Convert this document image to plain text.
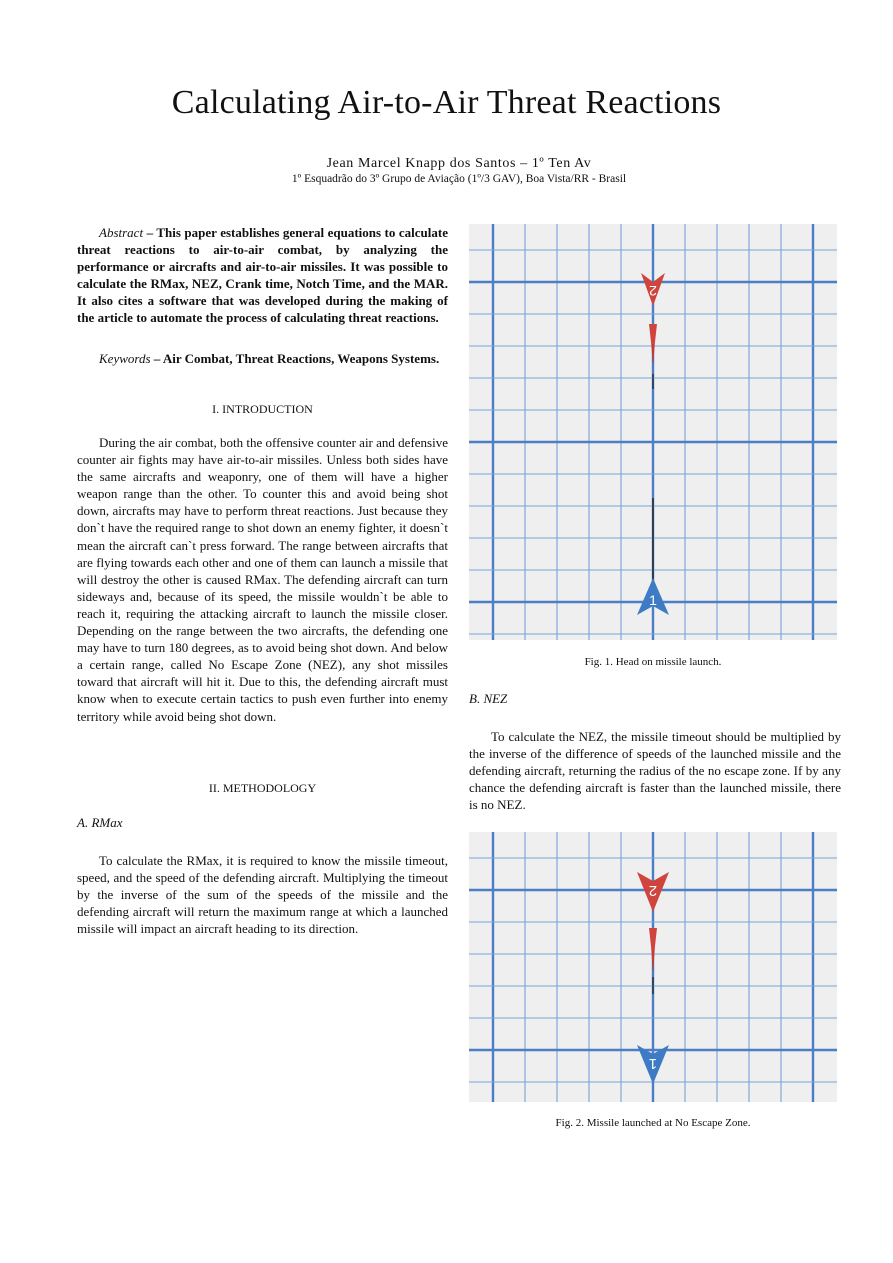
Calculating Air-to-Air Threat Reactions
Jean Marcel Knapp dos Santos – 1º Ten Av
1º Esquadrão do 3º Grupo de Aviação (1º/3 GAV), Boa Vista/RR - Brasil

Abstract – This paper establishes general equations to calculate threat reactions to air-to-air combat, by analyzing the performance or aircrafts and air-to-air missiles. It was possible to calculate the RMax, NEZ, Crank time, Notch Time, and the MAR. It also cites a software that was developed during the making of the article to automate the process of calculating threat reactions.

Keywords – Air Combat, Threat Reactions, Weapons Systems.

I. INTRODUCTION

During the air combat, both the offensive counter air and defensive counter air fights may have air-to-air missiles. Unless both sides have the same aircrafts and weaponry, one of them will have a higher weapon range than the other. To counter this and avoid being shot down, aircrafts may have to perform threat reactions. Just because they don`t have the required range to shot down an enemy fighter, it doesn`t mean the aircraft can`t press forward. The range between aircrafts that are flying towards each other and one of them can launch a missile that will destroy the other is caused RMax. The defending aircraft can turn sideways and, because of its speed, the missile wouldn`t be able to reach it, requiring the attacking aircraft to launch the missile closer. Depending on the range between the two aircrafts, the defending one may have to turn 180 degrees, as to avoid being shot down. And below a certain range, called No Escape Zone (NEZ), any shot missiles toward that aircraft will hit it. Due to this, the defending aircraft must know when to execute certain tactics to push even further into enemy territory while avoid being shot down.

II. METHODOLOGY
A. RMax

To calculate the RMax, it is required to know the missile timeout, speed, and the speed of the defending aircraft. Multiplying the timeout by the inverse of the sum of the speeds of the missile and the defending aircraft will return the maximum range at which a launched missile will impact an aircraft heading to its direction.

2
1
Fig. 1. Head on missile launch.
B. NEZ

To calculate the NEZ, the missile timeout should be multiplied by the inverse of the difference of speeds of the launched missile and the defending aircraft, returning the radius of the no escape zone. If by any chance the defending aircraft is faster than the launched missile, there is no NEZ.

2
1
Fig. 2. Missile launched at No Escape Zone.
